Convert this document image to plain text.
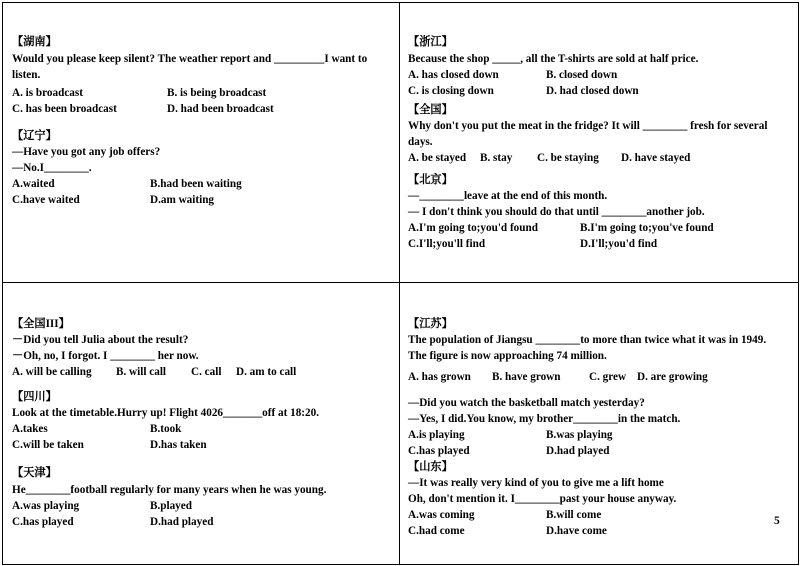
【湖南】
Would you please keep silent? The weather report and _________I want to listen.
A. is broadcast	B. is being broadcast
C. has been broadcast	D. had been broadcast
【辽宁】
—Have you got any job offers?
—No.I________.
A.waited	B.had been waiting
C.have waited	D.am waiting
【浙江】
Because the shop _____, all the T-shirts are sold at half price.
A. has closed down	B. closed down
C. is closing down	D. had closed down
【全国】
Why don't you put the meat in the fridge? It will ________ fresh for several days.
A. be stayed	B. stay	C. be staying	D. have stayed
【北京】
—________leave at the end of this month.
— I don't think you should do that until ________another job.
A.I'm going to;you'd found	B.I'm going to;you've found
C.I'll;you'll find	D.I'll;you'd find
【全国III】
－Did you tell Julia about the result?
－Oh, no, I forgot. I ________ her now.
A. will be calling	B. will call	C. call	D. am to call
【四川】
Look at the timetable.Hurry up! Flight 4026_______off at 18:20.
A.takes	B.took
C.will be taken	D.has taken
【天津】
He________football regularly for many years when he was young.
A.was playing	B.played
C.has played	D.had played
【江苏】
The population of Jiangsu ________to more than twice what it was in 1949.
The figure is now approaching 74 million.
A. has grown	B. have grown	C. grew D. are growing
—Did you watch the basketball match yesterday?
—Yes, I did.You know, my brother________in the match.
A.is playing	B.was playing
C.has played	D.had played
【山东】
—It was really very kind of you to give me a lift home
Oh, don't mention it. I________past your house anyway.
A.was coming	B.will come
C.had come	D.have come
5
